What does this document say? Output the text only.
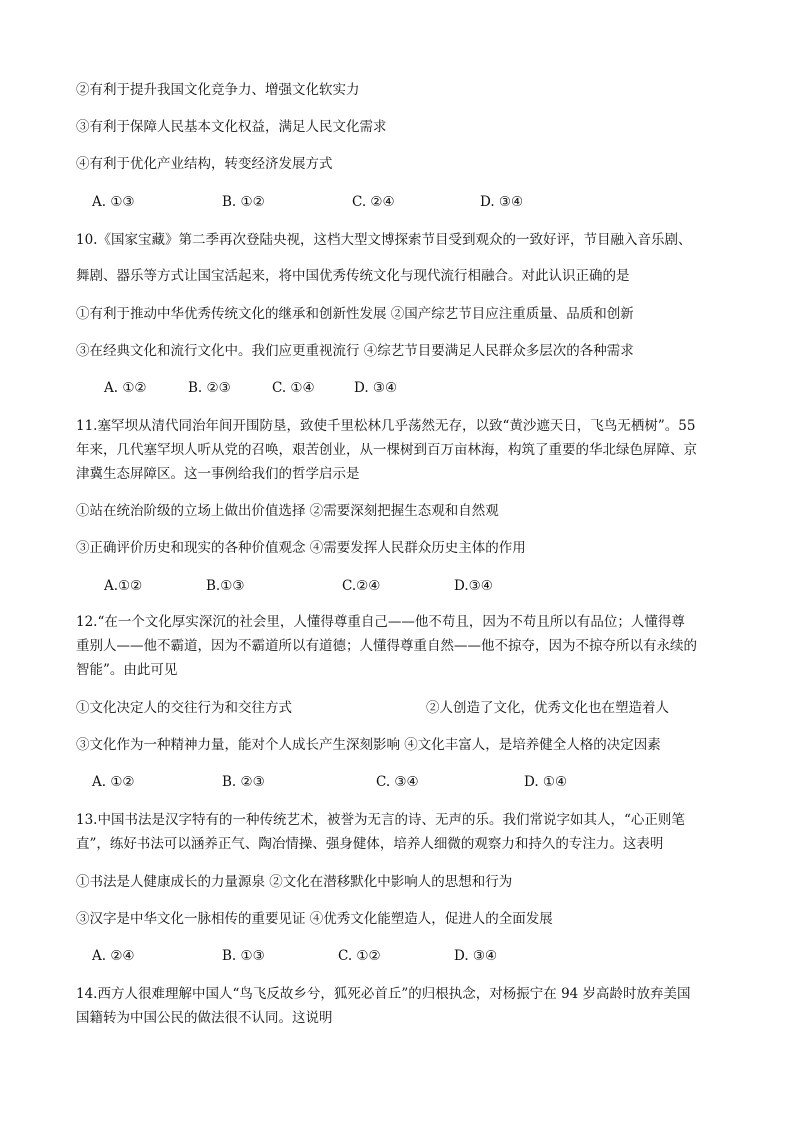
②有利于提升我国文化竞争力、增强文化软实力
③有利于保障人民基本文化权益，满足人民文化需求
④有利于优化产业结构，转变经济发展方式
A. ①③	B. ①②	C. ②④	D. ③④
10.《国家宝藏》第二季再次登陆央视，这档大型文博探索节目受到观众的一致好评，节目融入音乐剧、
舞剧、器乐等方式让国宝活起来，将中国优秀传统文化与现代流行相融合。对此认识正确的是
①有利于推动中华优秀传统文化的继承和创新性发展 ②国产综艺节目应注重质量、品质和创新
③在经典文化和流行文化中。我们应更重视流行 ④综艺节目要满足人民群众多层次的各种需求
A. ①②	B. ②③	C. ①④	D. ③④
11.塞罕坝从清代同治年间开围防垦，致使千里松林几乎荡然无存，以致“黄沙遮天日，飞鸟无栖树”。55
年来，几代塞罕坝人听从党的召唤，艰苦创业，从一棵树到百万亩林海，构筑了重要的华北绿色屏障、京
津冀生态屏障区。这一事例给我们的哲学启示是
①站在统治阶级的立场上做出价值选择 ②需要深刻把握生态观和自然观
③正确评价历史和现实的各种价值观念 ④需要发挥人民群众历史主体的作用
A.①②	B.①③	C.②④	D.③④
12.“在一个文化厚实深沉的社会里，人懂得尊重自己——他不苟且，因为不苟且所以有品位；人懂得尊
重别人——他不霸道，因为不霸道所以有道德；人懂得尊重自然——他不掠夺，因为不掠夺所以有永续的
智能”。由此可见
①文化决定人的交往行为和交往方式	②人创造了文化，优秀文化也在塑造着人
③文化作为一种精神力量，能对个人成长产生深刻影响 ④文化丰富人，是培养健全人格的决定因素
A. ①②	B. ②③	C. ③④	D. ①④
13.中国书法是汉字特有的一种传统艺术，被誉为无言的诗、无声的乐。我们常说字如其人，“心正则笔
直”，练好书法可以涵养正气、陶冶情操、强身健体，培养人细微的观察力和持久的专注力。这表明
①书法是人健康成长的力量源泉 ②文化在潜移默化中影响人的思想和行为
③汉字是中华文化一脉相传的重要见证 ④优秀文化能塑造人，促进人的全面发展
A. ②④	B. ①③	C. ①②	D. ③④
14.西方人很难理解中国人“鸟飞反故乡兮，狐死必首丘”的归根执念，对杨振宁在 94 岁高龄时放弃美国
国籍转为中国公民的做法很不认同。这说明
